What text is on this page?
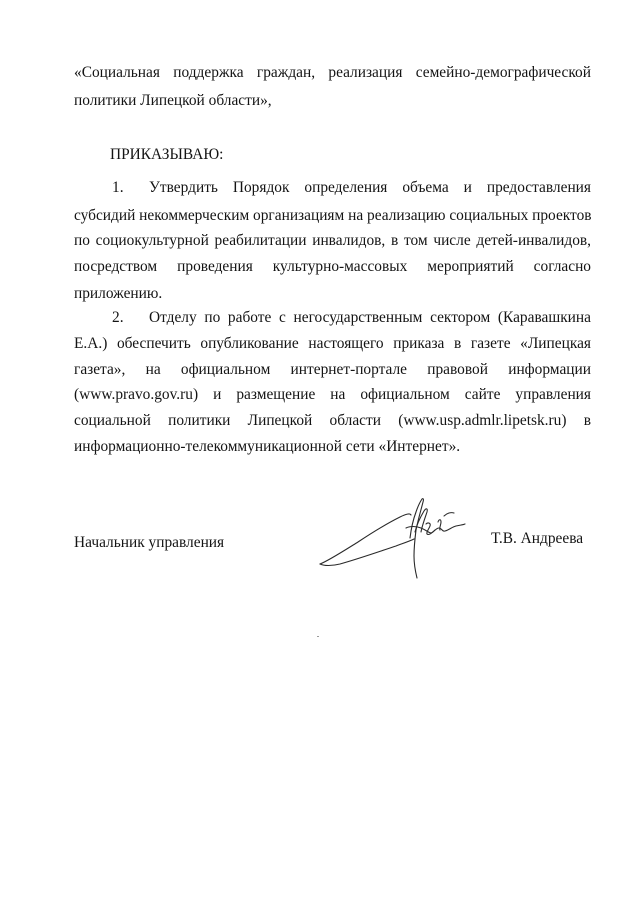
«Социальная поддержка граждан, реализация семейно-демографической
политики Липецкой области»,
ПРИКАЗЫВАЮ:
1. Утвердить Порядок определения объема и предоставления
субсидий некоммерческим организациям на реализацию социальных проектов
по социокультурной реабилитации инвалидов, в том числе детей-инвалидов,
посредством проведения культурно-массовых мероприятий согласно
приложению.
2. Отделу по работе с негосударственным сектором (Каравашкина
Е.А.) обеспечить опубликование настоящего приказа в газете «Липецкая
газета», на официальном интернет-портале правовой информации
(www.pravo.gov.ru) и размещение на официальном сайте управления
социальной политики Липецкой области (www.usp.admlr.lipetsk.ru) в
информационно-телекоммуникационной сети «Интернет».
Начальник управления	Т.В. Андреева
